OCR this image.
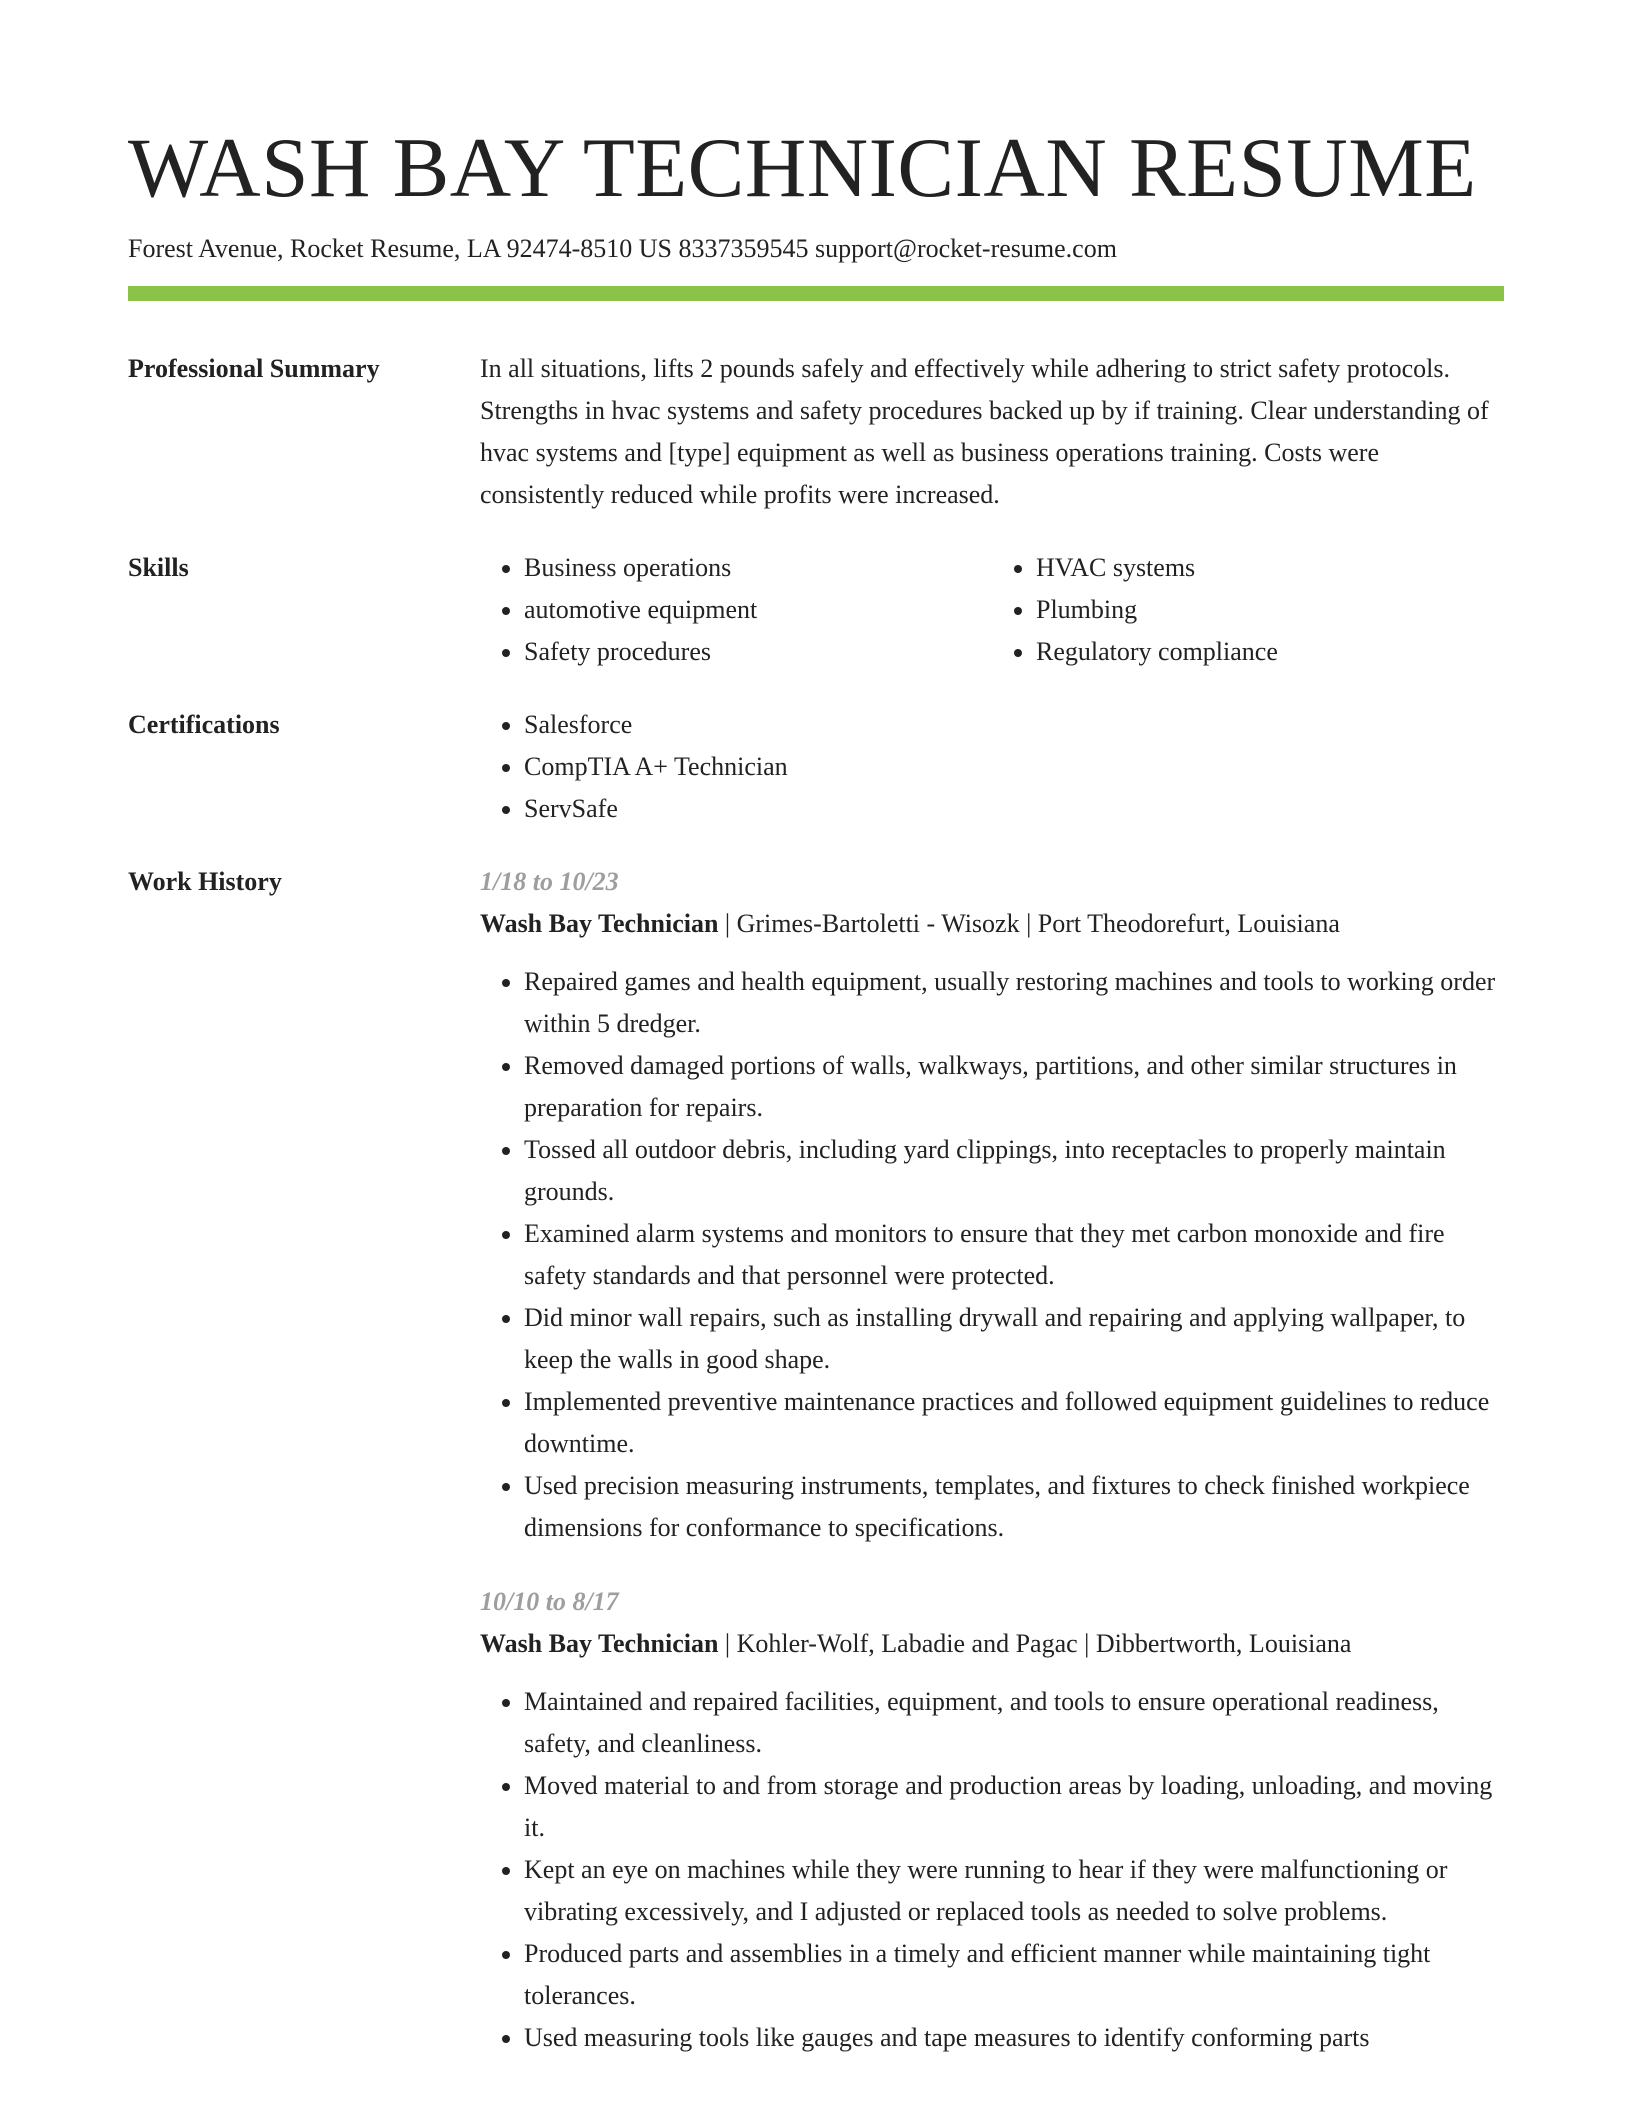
WASH BAY TECHNICIAN RESUME
Forest Avenue, Rocket Resume, LA 92474-8510 US 8337359545 support@rocket-resume.com
Professional Summary	In all situations, lifts 2 pounds safely and effectively while adhering to strict safety protocols. Strengths in hvac systems and safety procedures backed up by if training. Clear understanding of hvac systems and [type] equipment as well as business operations training. Costs were consistently reduced while profits were increased.

Skills	• Business operations
• automotive equipment
• Safety procedures
• HVAC systems
• Plumbing
• Regulatory compliance
Certifications	• Salesforce
• CompTIA A+ Technician
• ServSafe
Work History	1/18 to 10/23
Wash Bay Technician | Grimes-Bartoletti - Wisozk | Port Theodorefurt, Louisiana
• Repaired games and health equipment, usually restoring machines and tools to working order within 5 dredger.
• Removed damaged portions of walls, walkways, partitions, and other similar structures in preparation for repairs.
• Tossed all outdoor debris, including yard clippings, into receptacles to properly maintain grounds.
• Examined alarm systems and monitors to ensure that they met carbon monoxide and fire safety standards and that personnel were protected.
• Did minor wall repairs, such as installing drywall and repairing and applying wallpaper, to keep the walls in good shape.
• Implemented preventive maintenance practices and followed equipment guidelines to reduce downtime.
• Used precision measuring instruments, templates, and fixtures to check finished workpiece dimensions for conformance to specifications.
10/10 to 8/17
Wash Bay Technician | Kohler-Wolf, Labadie and Pagac | Dibbertworth, Louisiana
• Maintained and repaired facilities, equipment, and tools to ensure operational readiness, safety, and cleanliness.
• Moved material to and from storage and production areas by loading, unloading, and moving it.
• Kept an eye on machines while they were running to hear if they were malfunctioning or vibrating excessively, and I adjusted or replaced tools as needed to solve problems.
• Produced parts and assemblies in a timely and efficient manner while maintaining tight tolerances.
• Used measuring tools like gauges and tape measures to identify conforming parts
